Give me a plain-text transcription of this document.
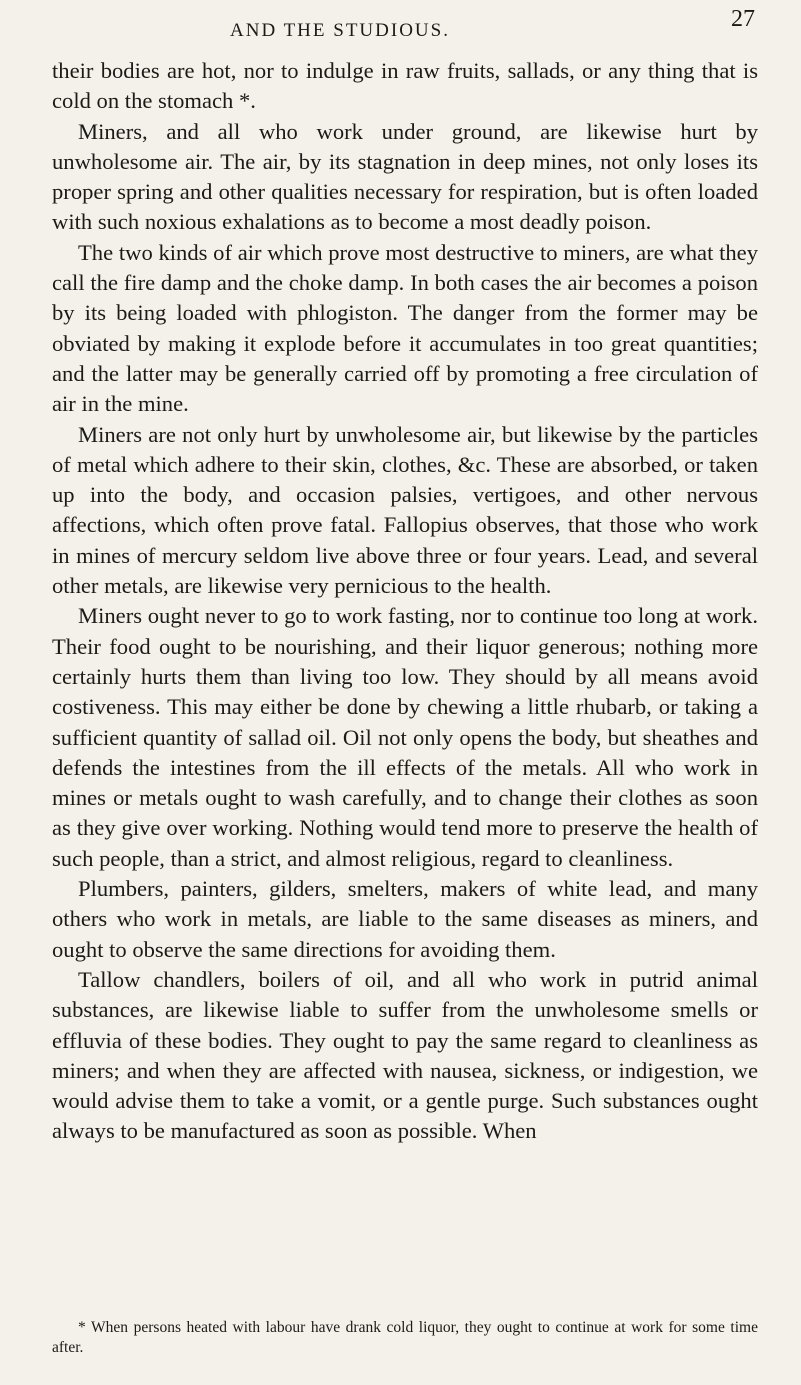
AND THE STUDIOUS.	27

their bodies are hot, nor to indulge in raw fruits, sallads, or any thing that is cold on the stomach *.

Miners, and all who work under ground, are likewise hurt by unwholesome air. The air, by its stagnation in deep mines, not only loses its proper spring and other qualities necessary for respiration, but is often loaded with such noxious exhalations as to become a most deadly poison.

The two kinds of air which prove most destructive to miners, are what they call the fire damp and the choke damp. In both cases the air becomes a poison by its being loaded with phlogiston. The danger from the former may be obviated by making it explode before it accumulates in too great quantities; and the latter may be generally carried off by promoting a free circulation of air in the mine.

Miners are not only hurt by unwholesome air, but likewise by the particles of metal which adhere to their skin, clothes, &c. These are absorbed, or taken up into the body, and occasion palsies, vertigoes, and other nervous affections, which often prove fatal. Fallopius observes, that those who work in mines of mercury seldom live above three or four years. Lead, and several other metals, are likewise very pernicious to the health.

Miners ought never to go to work fasting, nor to continue too long at work. Their food ought to be nourishing, and their liquor generous; nothing more certainly hurts them than living too low. They should by all means avoid costiveness. This may either be done by chewing a little rhubarb, or taking a sufficient quantity of sallad oil. Oil not only opens the body, but sheathes and defends the intestines from the ill effects of the metals. All who work in mines or metals ought to wash carefully, and to change their clothes as soon as they give over working. Nothing would tend more to preserve the health of such people, than a strict, and almost religious, regard to cleanliness.

Plumbers, painters, gilders, smelters, makers of white lead, and many others who work in metals, are liable to the same diseases as miners, and ought to observe the same directions for avoiding them.

Tallow chandlers, boilers of oil, and all who work in putrid animal substances, are likewise liable to suffer from the unwholesome smells or effluvia of these bodies. They ought to pay the same regard to cleanliness as miners; and when they are affected with nausea, sickness, or indigestion, we would advise them to take a vomit, or a gentle purge. Such substances ought always to be manufactured as soon as possible. When

* When persons heated with labour have drank cold liquor, they ought to continue at work for some time after.
